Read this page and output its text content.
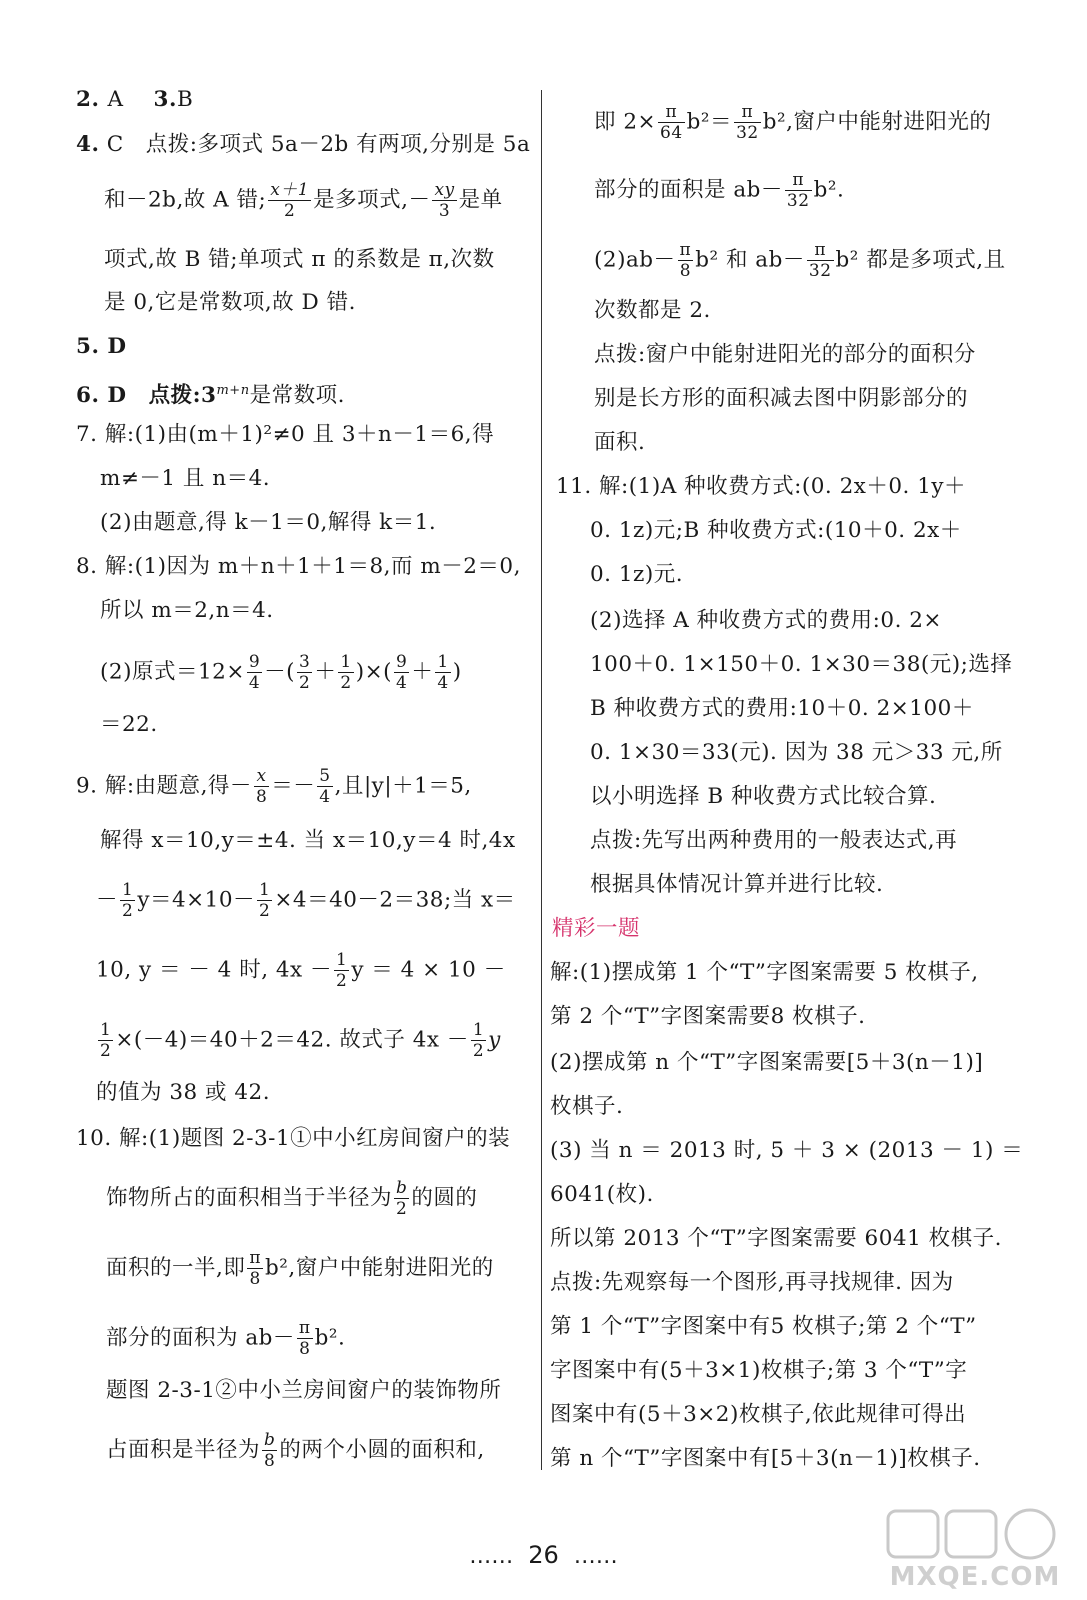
2. A　 3.B
4. C　点拨:多项式 5a－2b 有两项,分别是 5a
和－2b,故 A 错; $\frac{x+1}{2}$ 是多项式,－ $\frac{xy}{3}$ 是单
项式,故 B 错;单项式 π 的系数是 π,次数
是 0,它是常数项,故 D 错.
5. D
6. D　点拨$:3^{m+n}$是常数项.
7. 解:(1)由(m＋1)²≠0 且 3＋n－1＝6,得
m≠－1 且 n＝4.
(2)由题意,得 k－1＝0,解得 k＝1.
8. 解:(1)因为 m＋n＋1＋1＝8,而 m－2＝0,
所以 m＝2,n＝4.
(2)原式$=12\times \frac{9}{4}$ －( $\frac{3}{2} + \frac{1}{2}$ )×( $\frac{9}{4} + \frac{1}{4}$ )
＝22.
9. 解:由题意,得－ $\frac{x}{8} =- \frac{5}{4}$ ,且|y|＋1＝5,
解得 x＝10,y＝±4. 当 x＝10,y＝4 时,4x
－ $\frac{1}{2} y=4\times 10- \frac{1}{2} \times 4=40-2=38$;当 x＝
10, y ＝ － 4 时, $4x - \frac{1}{2}$ y ＝ 4 × 10 －
$\frac{1}{2} \times(-4)=40+2=42$. 故式子 $4x - \frac{1}{2}$ y
的值为 38 或 42.
10. 解:(1)题图 2-3-1①中小红房间窗户的装
饰物所占的面积相当于半径为 $\frac{b}{2}$ 的圆的
面积的一半,即 $\frac{\pi}{8} b^2$,窗户中能射进阳光的
部分的面积为 $ab- \frac{\pi}{8} b^2$.
题图 2-3-1②中小兰房间窗户的装饰物所
占面积是半径为 $\frac{b}{8}$ 的两个小圆的面积和,
即 $2\times \frac{\pi}{64} b^2= \frac{\pi}{32} b^2$,窗户中能射进阳光的
部分的面积是 $ab- \frac{\pi}{32} b^2$.
$(2)ab- \frac{\pi}{8} b^2$ 和 $ab- \frac{\pi}{32} b^2$ 都是多项式,且
次数都是 2.
点拨:窗户中能射进阳光的部分的面积分
别是长方形的面积减去图中阴影部分的
面积.
11. 解:(1)A 种收费方式:(0. 2x＋0. 1y＋
0. 1z)元;B 种收费方式:(10＋0. 2x＋
0. 1z)元.
(2)选择 A 种收费方式的费用:0. 2×
100＋0. 1×150＋0. 1×30＝38(元);选择
B 种收费方式的费用:10＋0. 2×100＋
0. 1×30＝33(元). 因为 38 元＞33 元,所
以小明选择 B 种收费方式比较合算.
点拨:先写出两种费用的一般表达式,再
根据具体情况计算并进行比较.
精彩一题
解:(1)摆成第 1 个“T”字图案需要 5 枚棋子,
第 2 个“T”字图案需要8 枚棋子.
(2)摆成第 n 个“T”字图案需要[5＋3(n－1)]
枚棋子.
(3) 当 n ＝ 2013 时, 5 ＋ 3 × (2013 － 1) ＝
6041(枚).
所以第 2013 个“T”字图案需要 6041 枚棋子.
点拨:先观察每一个图形,再寻找规律. 因为
第 1 个“T”字图案中有5 枚棋子;第 2 个“T”
字图案中有(5＋3×1)枚棋子;第 3 个“T”字
图案中有(5＋3×2)枚棋子,依此规律可得出
第 n 个“T”字图案中有[5＋3(n－1)]枚棋子.
…… 26 ……
MXQE.COM
